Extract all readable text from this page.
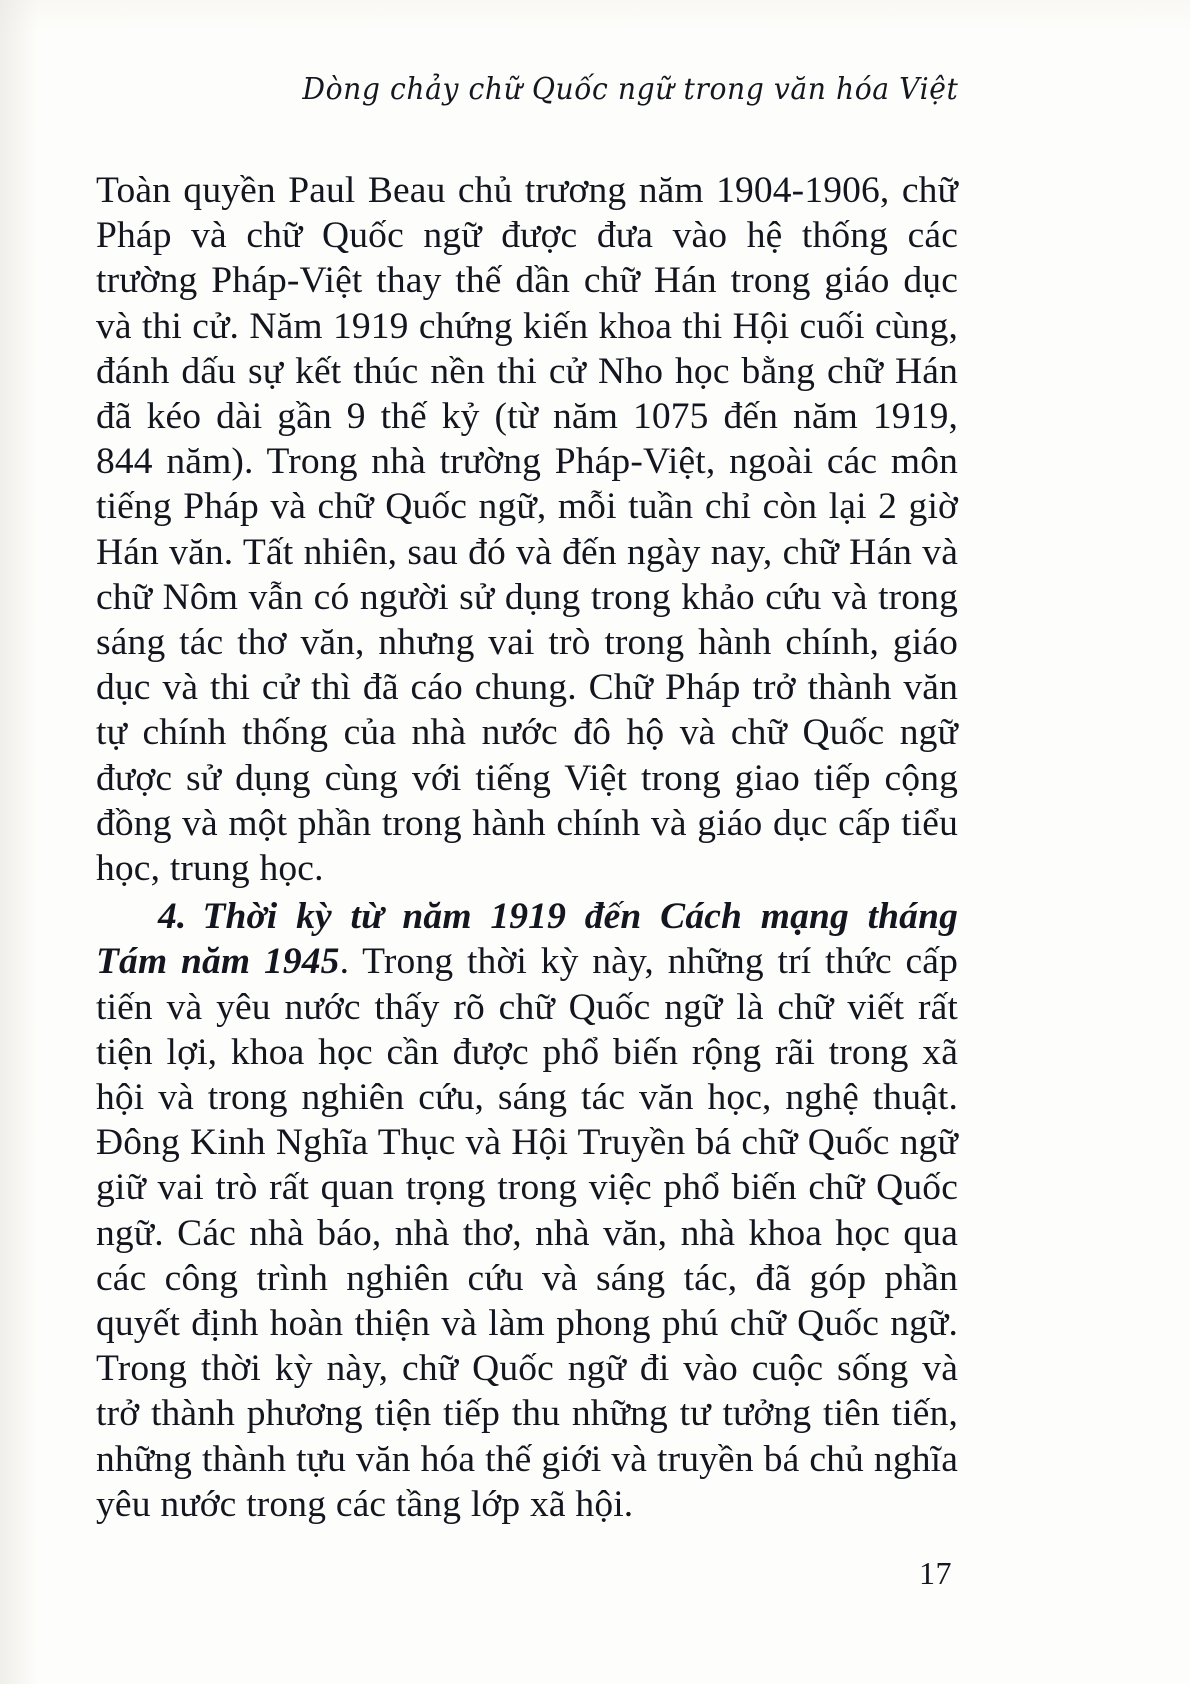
Dòng chảy chữ Quốc ngữ trong văn hóa Việt

Toàn quyền Paul Beau chủ trương năm 1904-1906, chữ Pháp và chữ Quốc ngữ được đưa vào hệ thống các trường Pháp-Việt thay thế dần chữ Hán trong giáo dục và thi cử. Năm 1919 chứng kiến khoa thi Hội cuối cùng, đánh dấu sự kết thúc nền thi cử Nho học bằng chữ Hán đã kéo dài gần 9 thế kỷ (từ năm 1075 đến năm 1919, 844 năm). Trong nhà trường Pháp-Việt, ngoài các môn tiếng Pháp và chữ Quốc ngữ, mỗi tuần chỉ còn lại 2 giờ Hán văn. Tất nhiên, sau đó và đến ngày nay, chữ Hán và chữ Nôm vẫn có người sử dụng trong khảo cứu và trong sáng tác thơ văn, nhưng vai trò trong hành chính, giáo dục và thi cử thì đã cáo chung. Chữ Pháp trở thành văn tự chính thống của nhà nước đô hộ và chữ Quốc ngữ được sử dụng cùng với tiếng Việt trong giao tiếp cộng đồng và một phần trong hành chính và giáo dục cấp tiểu học, trung học.

4. Thời kỳ từ năm 1919 đến Cách mạng tháng Tám năm 1945. Trong thời kỳ này, những trí thức cấp tiến và yêu nước thấy rõ chữ Quốc ngữ là chữ viết rất tiện lợi, khoa học cần được phổ biến rộng rãi trong xã hội và trong nghiên cứu, sáng tác văn học, nghệ thuật. Đông Kinh Nghĩa Thục và Hội Truyền bá chữ Quốc ngữ giữ vai trò rất quan trọng trong việc phổ biến chữ Quốc ngữ. Các nhà báo, nhà thơ, nhà văn, nhà khoa học qua các công trình nghiên cứu và sáng tác, đã góp phần quyết định hoàn thiện và làm phong phú chữ Quốc ngữ. Trong thời kỳ này, chữ Quốc ngữ đi vào cuộc sống và trở thành phương tiện tiếp thu những tư tưởng tiên tiến, những thành tựu văn hóa thế giới và truyền bá chủ nghĩa yêu nước trong các tầng lớp xã hội.

17
